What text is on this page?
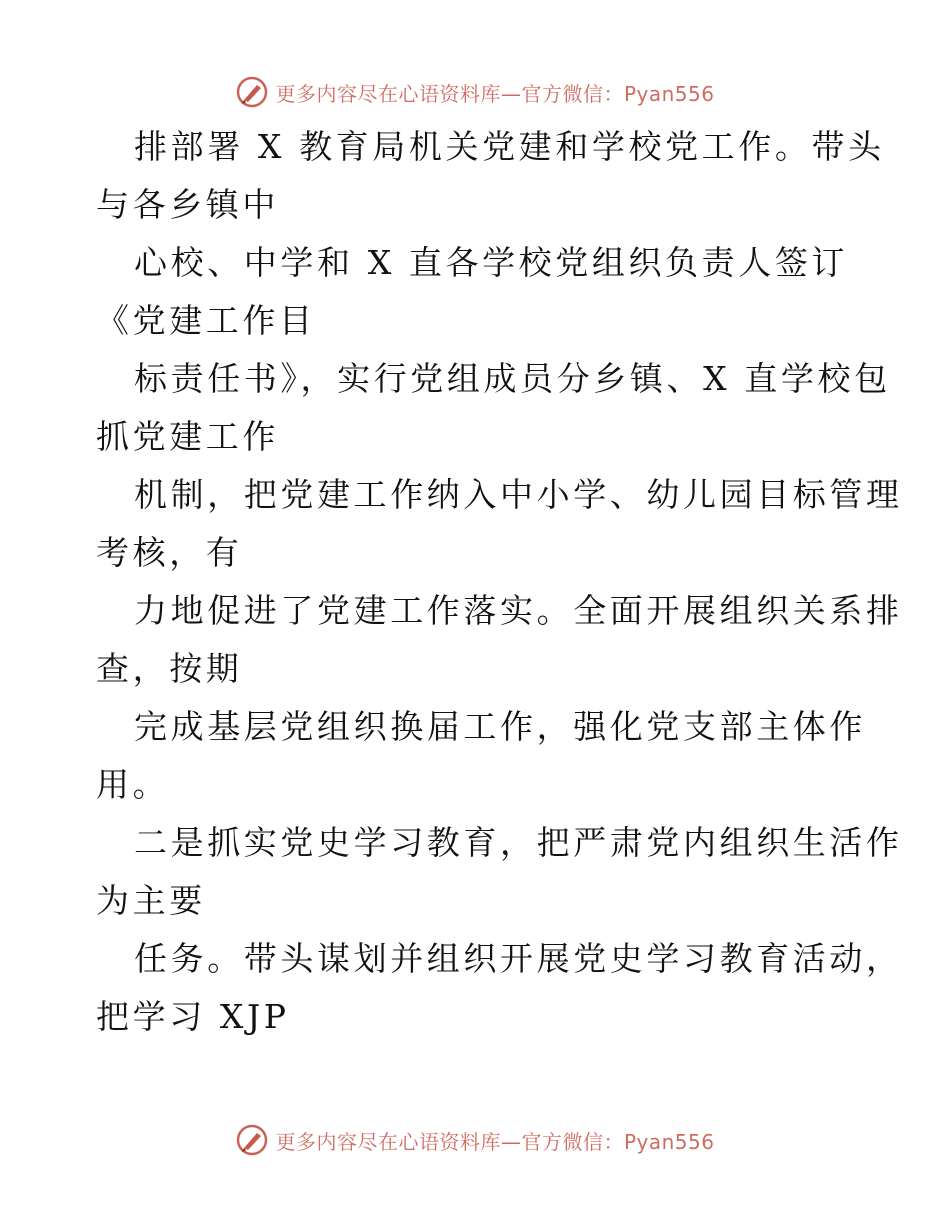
更多内容尽在心语资料库—官方微信：Pyan556
排部署 X 教育局机关党建和学校党工作。带头
与各乡镇中
心校、中学和 X 直各学校党组织负责人签订
《党建工作目
标责任书》，实行党组成员分乡镇、X 直学校包
抓党建工作
机制，把党建工作纳入中小学、幼儿园目标管理
考核，有
力地促进了党建工作落实。全面开展组织关系排
查，按期
完成基层党组织换届工作，强化党支部主体作
用。
二是抓实党史学习教育，把严肃党内组织生活作
为主要
任务。带头谋划并组织开展党史学习教育活动，
把学习 XJP
更多内容尽在心语资料库—官方微信：Pyan556
